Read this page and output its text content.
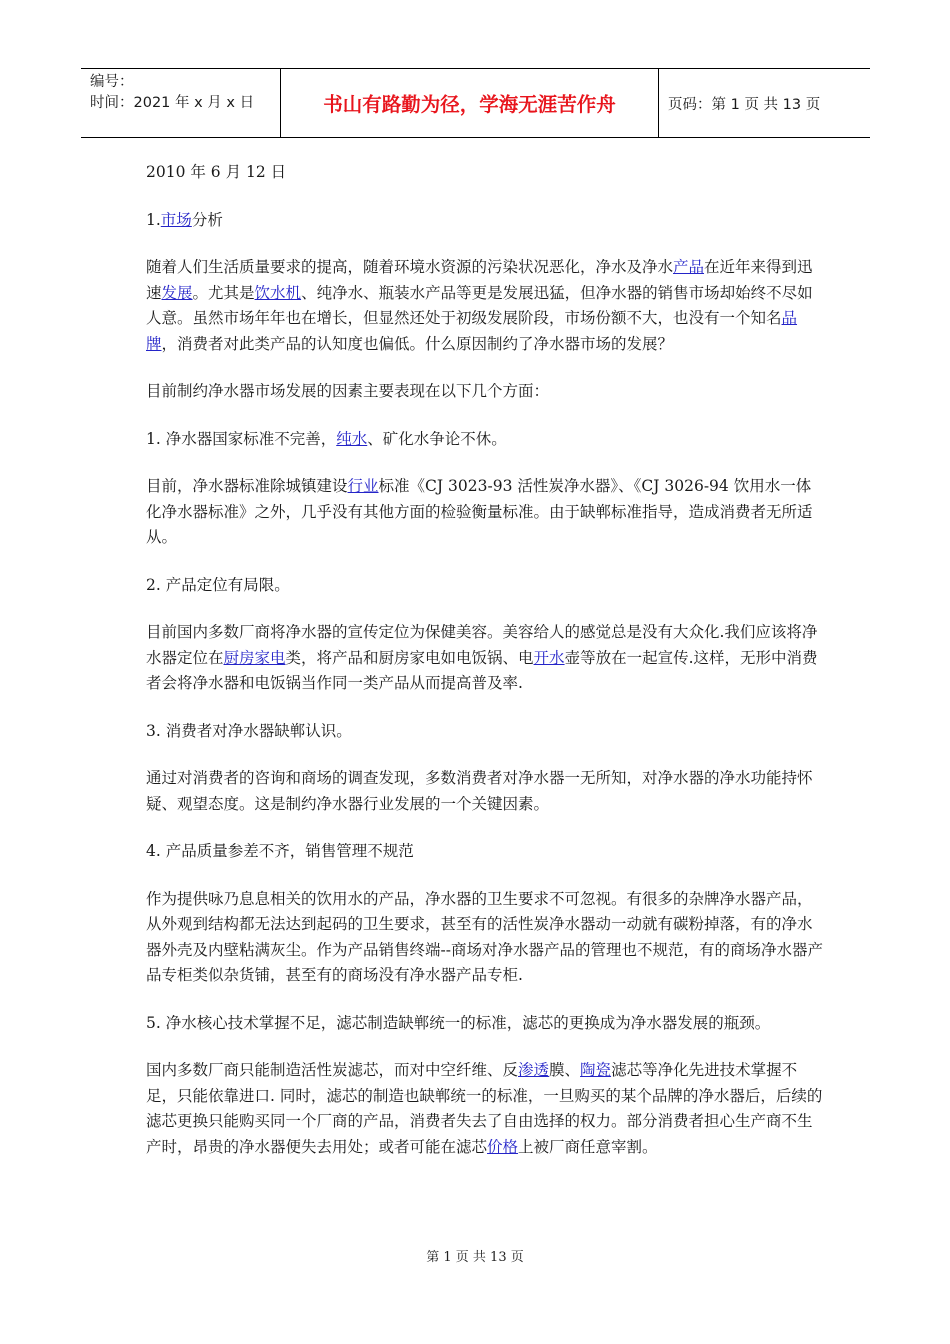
编号：
时间：2021 年 x 月 x 日	书山有路勤为径，学海无涯苦作舟	页码：第 1 页 共 13 页

2010 年 6 月 12 日

1.市场分析

随着人们生活质量要求的提高，随着环境水资源的污染状况恶化，净水及净水产品在近年来得到迅速发展。尤其是饮水机、纯净水、瓶装水产品等更是发展迅猛，但净水器的销售市场却始终不尽如人意。虽然市场年年也在增长，但显然还处于初级发展阶段，市场份额不大，也没有一个知名品牌，消费者对此类产品的认知度也偏低。什么原因制约了净水器市场的发展？

目前制约净水器市场发展的因素主要表现在以下几个方面：

1. 净水器国家标准不完善，纯水、矿化水争论不休。

目前，净水器标准除城镇建设行业标准《CJ 3023-93 活性炭净水器》、《CJ 3026-94 饮用水一体化净水器标准》之外，几乎没有其他方面的检验衡量标准。由于缺郸标准指导，造成消费者无所适从。

2. 产品定位有局限。

目前国内多数厂商将净水器的宣传定位为保健美容。美容给人的感觉总是没有大众化.我们应该将净水器定位在厨房家电类，将产品和厨房家电如电饭锅、电开水壶等放在一起宣传.这样，无形中消费者会将净水器和电饭锅当作同一类产品从而提高普及率.

3. 消费者对净水器缺郸认识。

通过对消费者的咨询和商场的调查发现，多数消费者对净水器一无所知，对净水器的净水功能持怀疑、观望态度。这是制约净水器行业发展的一个关键因素。

4. 产品质量参差不齐，销售管理不规范

作为提供咏乃息息相关的饮用水的产品，净水器的卫生要求不可忽视。有很多的杂牌净水器产品，从外观到结构都无法达到起码的卫生要求，甚至有的活性炭净水器动一动就有碳粉掉落，有的净水器外壳及内壁粘满灰尘。作为产品销售终端--商场对净水器产品的管理也不规范，有的商场净水器产品专柜类似杂货铺，甚至有的商场没有净水器产品专柜.

5. 净水核心技术掌握不足，滤芯制造缺郸统一的标准，滤芯的更换成为净水器发展的瓶颈。

国内多数厂商只能制造活性炭滤芯，而对中空纤维、反渗透膜、陶瓷滤芯等净化先进技术掌握不足，只能依靠进口. 同时，滤芯的制造也缺郸统一的标准，一旦购买的某个品牌的净水器后，后续的滤芯更换只能购买同一个厂商的产品，消费者失去了自由选择的权力。部分消费者担心生产商不生产时，昂贵的净水器便失去用处；或者可能在滤芯价格上被厂商任意宰割。

第 1 页 共 13 页
